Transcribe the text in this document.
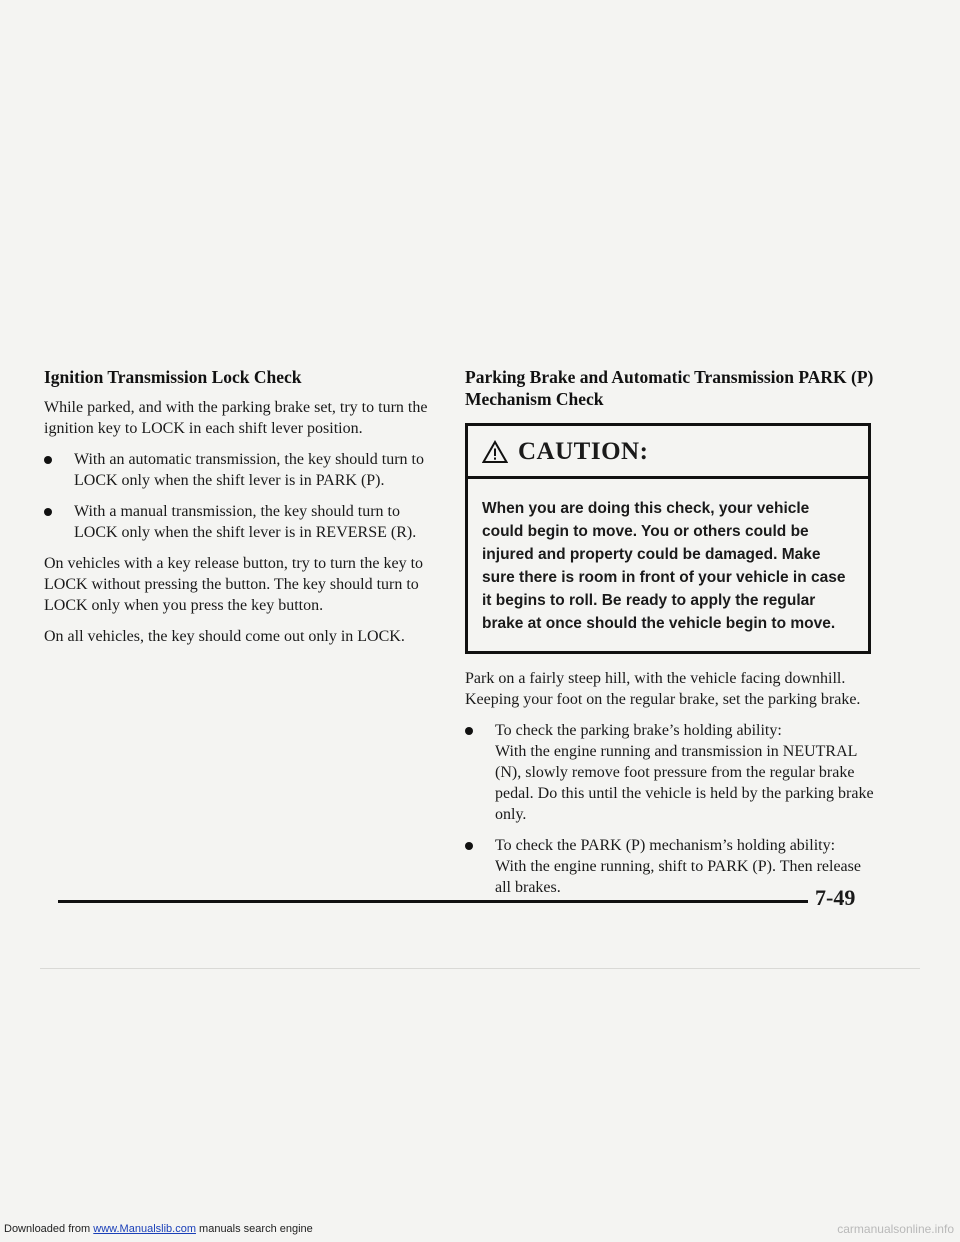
Ignition Transmission Lock Check

While parked, and with the parking brake set, try to turn the ignition key to LOCK in each shift lever position.

With an automatic transmission, the key should turn to LOCK only when the shift lever is in PARK (P).
With a manual transmission, the key should turn to LOCK only when the shift lever is in REVERSE (R).

On vehicles with a key release button, try to turn the key to LOCK without pressing the button. The key should turn to LOCK only when you press the key button.

On all vehicles, the key should come out only in LOCK.

Parking Brake and Automatic Transmission PARK (P) Mechanism Check
CAUTION:
When you are doing this check, your vehicle could begin to move. You or others could be injured and property could be damaged. Make sure there is room in front of your vehicle in case it begins to roll. Be ready to apply the regular brake at once should the vehicle begin to move.

Park on a fairly steep hill, with the vehicle facing downhill. Keeping your foot on the regular brake, set the parking brake.

To check the parking brake’s holding ability:
With the engine running and transmission in NEUTRAL (N), slowly remove foot pressure from the regular brake pedal. Do this until the vehicle is held by the parking brake only.
To check the PARK (P) mechanism’s holding ability:
With the engine running, shift to PARK (P). Then release all brakes.	7-49
Downloaded from www.Manualslib.com manuals search engine	carmanualsonline.info
